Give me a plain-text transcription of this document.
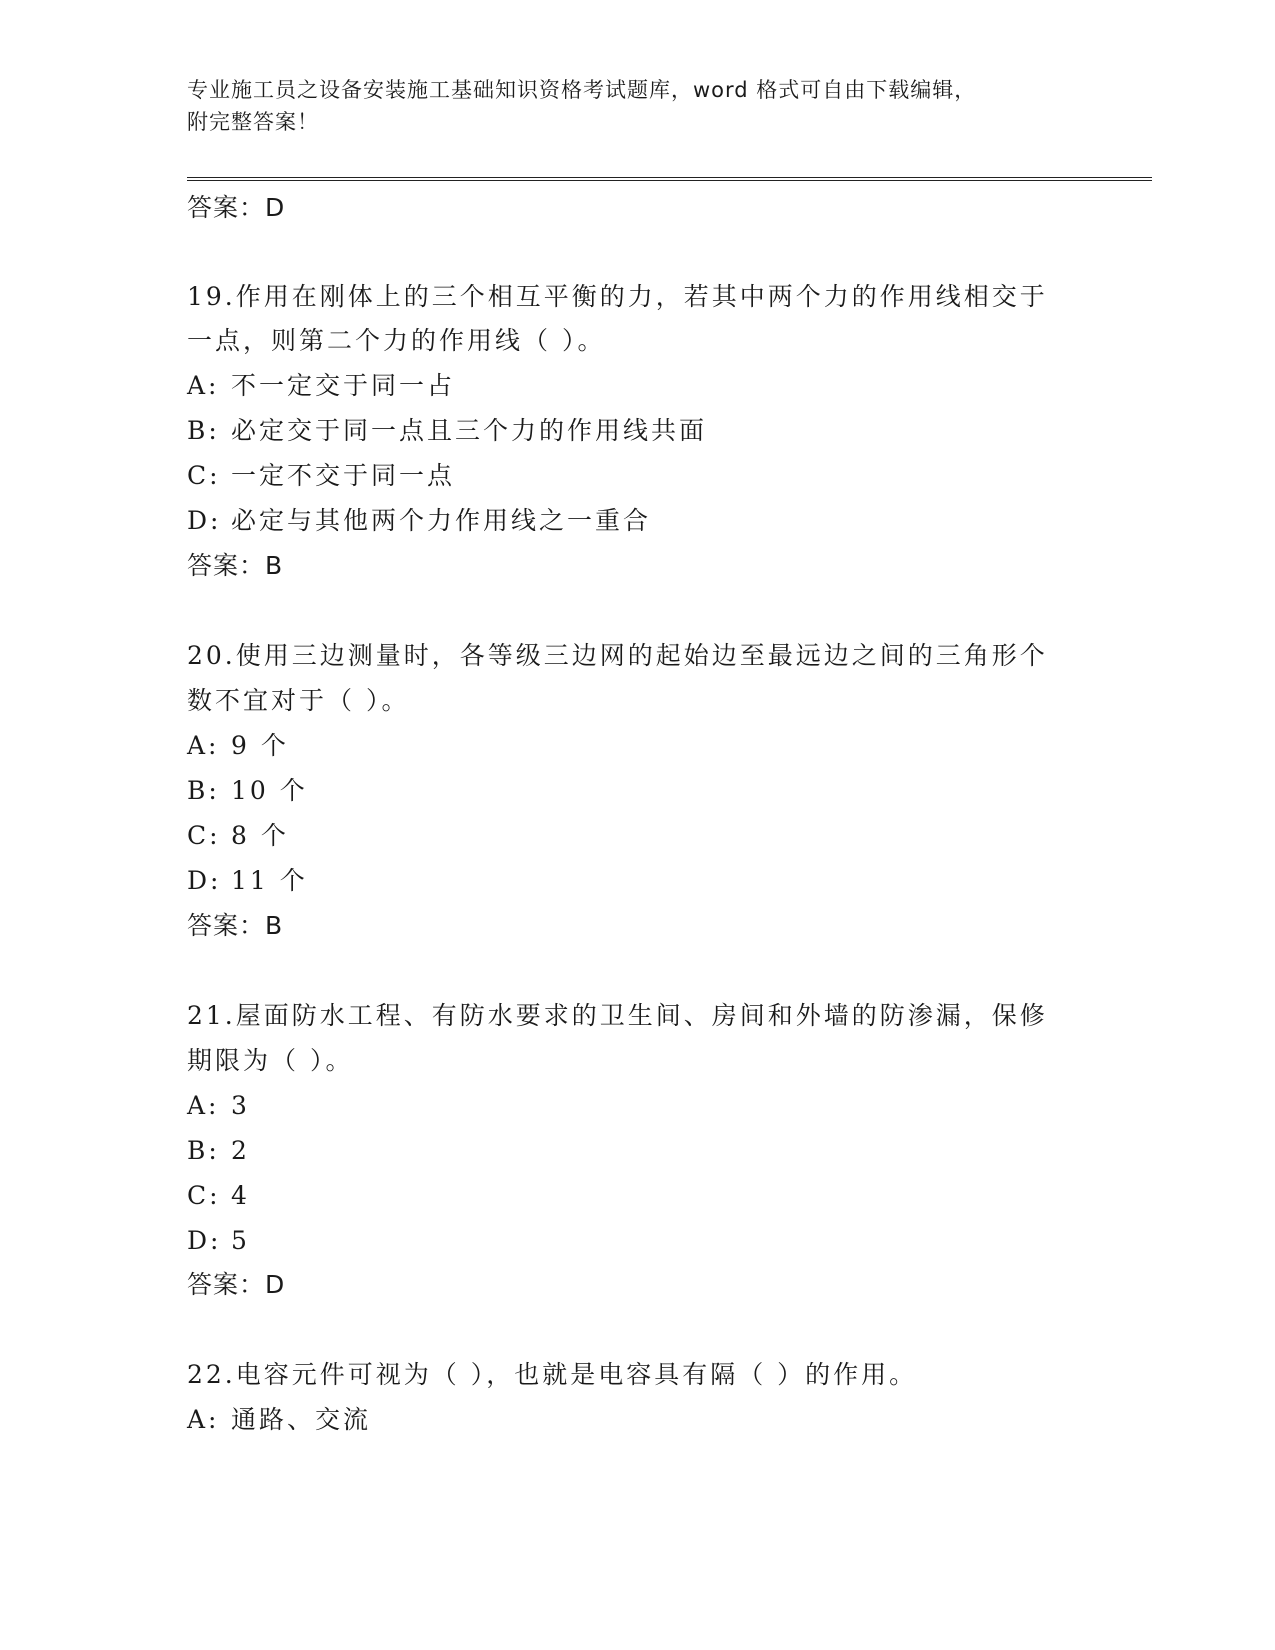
专业施工员之设备安装施工基础知识资格考试题库，word 格式可自由下载编辑，
附完整答案！
答案：D
19.作用在刚体上的三个相互平衡的力，若其中两个力的作用线相交于
一点，则第二个力的作用线（ ）。
A: 不一定交于同一占
B: 必定交于同一点且三个力的作用线共面
C: 一定不交于同一点
D: 必定与其他两个力作用线之一重合
答案：B
20.使用三边测量时，各等级三边网的起始边至最远边之间的三角形个
数不宜对于（ ）。
A: 9 个
B: 10 个
C: 8 个
D: 11 个
答案：B
21.屋面防水工程、有防水要求的卫生间、房间和外墙的防渗漏，保修
期限为（ ）。
A: 3
B: 2
C: 4
D: 5
答案：D
22.电容元件可视为（ ），也就是电容具有隔（ ）的作用。
A: 通路、交流
